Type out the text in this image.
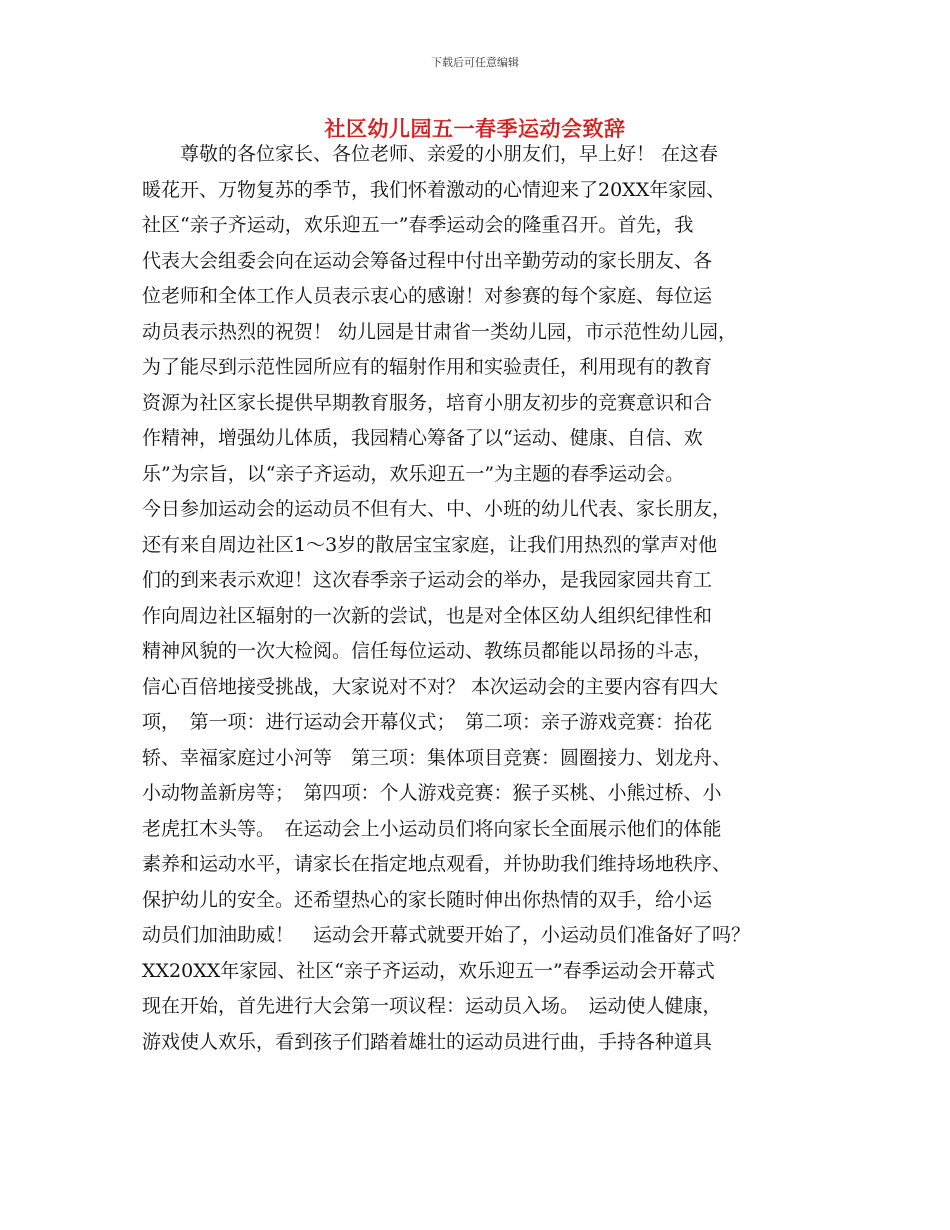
下载后可任意编辑
社区幼儿园五一春季运动会致辞
　　尊敬的各位家长、各位老师、亲爱的小朋友们，早上好！ 在这春
暖花开、万物复苏的季节，我们怀着激动的心情迎来了20XX年家园、
社区“亲子齐运动，欢乐迎五一”春季运动会的隆重召开。首先，我
代表大会组委会向在运动会筹备过程中付出辛勤劳动的家长朋友、各
位老师和全体工作人员表示衷心的感谢！对参赛的每个家庭、每位运
动员表示热烈的祝贺！ 幼儿园是甘肃省一类幼儿园，市示范性幼儿园，
为了能尽到示范性园所应有的辐射作用和实验责任，利用现有的教育
资源为社区家长提供早期教育服务，培育小朋友初步的竞赛意识和合
作精神，增强幼儿体质，我园精心筹备了以“运动、健康、自信、欢
乐”为宗旨，以“亲子齐运动，欢乐迎五一”为主题的春季运动会。
今日参加运动会的运动员不但有大、中、小班的幼儿代表、家长朋友，
还有来自周边社区1～3岁的散居宝宝家庭，让我们用热烈的掌声对他
们的到来表示欢迎！这次春季亲子运动会的举办，是我园家园共育工
作向周边社区辐射的一次新的尝试，也是对全体区幼人组织纪律性和
精神风貌的一次大检阅。信任每位运动、教练员都能以昂扬的斗志，
信心百倍地接受挑战，大家说对不对？ 本次运动会的主要内容有四大
项，　第一项：进行运动会开幕仪式；　第二项：亲子游戏竞赛：抬花
轿、幸福家庭过小河等　第三项：集体项目竞赛：圆圈接力、划龙舟、
小动物盖新房等；　第四项：个人游戏竞赛：猴子买桃、小熊过桥、小
老虎扛木头等。　在运动会上小运动员们将向家长全面展示他们的体能
素养和运动水平，请家长在指定地点观看，并协助我们维持场地秩序、
保护幼儿的安全。还希望热心的家长随时伸出你热情的双手，给小运
动员们加油助威！　运动会开幕式就要开始了，小运动员们准备好了吗？
XX20XX年家园、社区“亲子齐运动，欢乐迎五一”春季运动会开幕式
现在开始，首先进行大会第一项议程：运动员入场。　运动使人健康，
游戏使人欢乐，看到孩子们踏着雄壮的运动员进行曲，手持各种道具
